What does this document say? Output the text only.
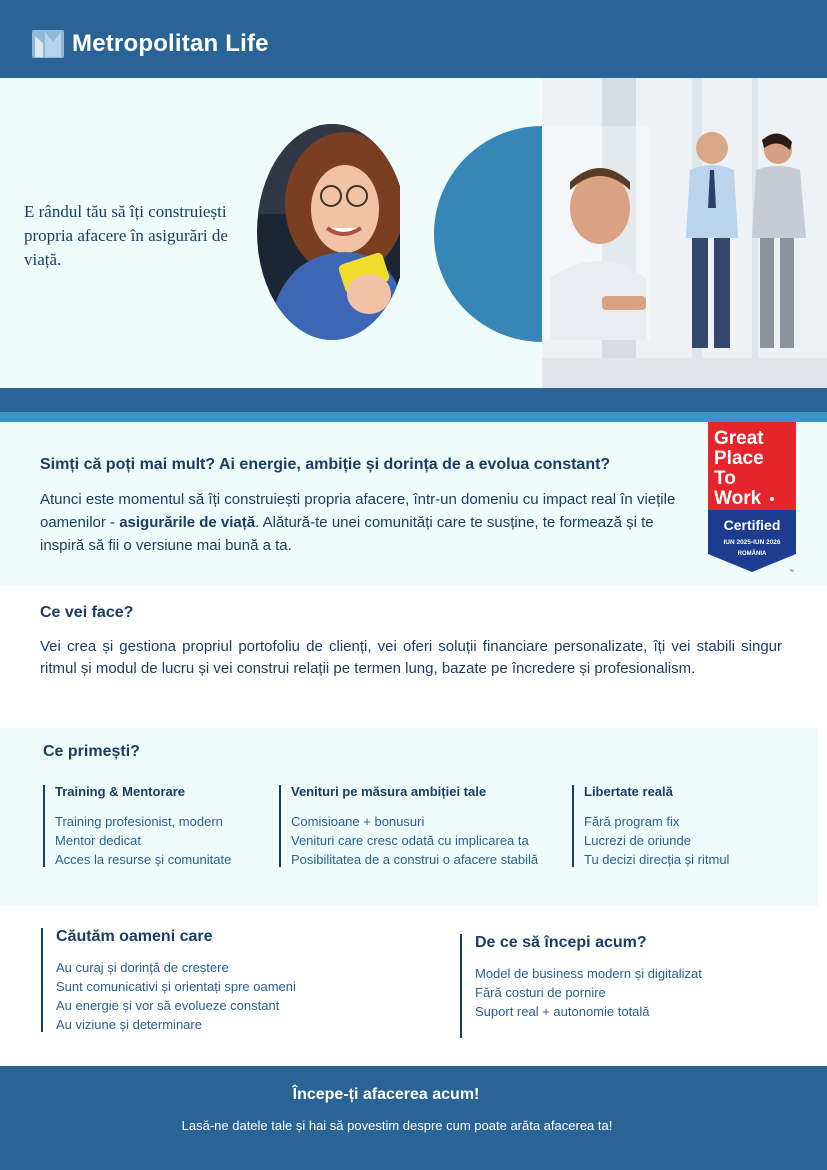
Metropolitan Life
E rândul tău să îți construiești propria afacere în asigurări de viață.
Simți că poți mai mult? Ai energie, ambiție și dorința de a evolua constant?
Atunci este momentul să îți construiești propria afacere, într-un domeniu cu impact real în viețile oamenilor - asigurările de viață. Alătură-te unei comunități care te susține, te formează și te inspiră să fii o versiune mai bună a ta.
Great
Place
To
Work
Certified
IUN 2025-IUN 2026
ROMÂNIA
™
Ce vei face?
Vei crea și gestiona propriul portofoliu de clienți, vei oferi soluții financiare personalizate, îți vei stabili singur ritmul și modul de lucru și vei construi relații pe termen lung, bazate pe încredere și profesionalism.
Ce primești?
Training & Mentorare
Training profesionist, modern
Mentor dedicat
Acces la resurse și comunitate
Venituri pe măsura ambiției tale
Comisioane + bonusuri
Venituri care cresc odată cu implicarea ta
Posibilitatea de a construi o afacere stabilă
Libertate reală
Fără program fix
Lucrezi de oriunde
Tu decizi direcția și ritmul
Căutăm oameni care
Au curaj și dorință de creștere
Sunt comunicativi și orientați spre oameni
Au energie și vor să evolueze constant
Au viziune și determinare
De ce să începi acum?
Model de business modern și digitalizat
Fără costuri de pornire
Suport real + autonomie totală
Începe-ți afacerea acum!
Lasă-ne datele tale și hai să povestim despre cum poate arăta afacerea ta!
